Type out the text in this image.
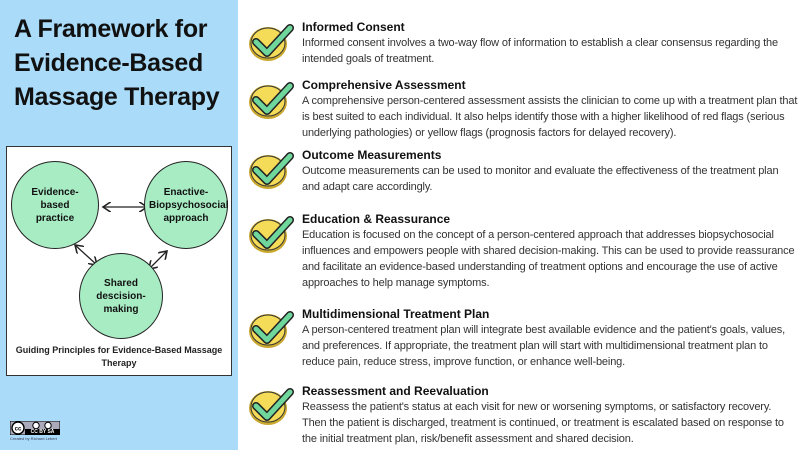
A Framework for
Evidence-Based
Massage Therapy
Evidence-based practice
Enactive-Biopsychosocial approach
Shared descision-making
Guiding Principles for Evidence-Based Massage Therapy
cc	CC BY SA
Created by Richard Lebert
Informed Consent

Informed consent involves a two-way flow of information to establish a clear consensus regarding the intended goals of treatment.

Comprehensive Assessment

A comprehensive person-centered assessment assists the clinician to come up with a treatment plan that is best suited to each individual. It also helps identify those with a higher likelihood of red flags (serious underlying pathologies) or yellow flags (prognosis factors for delayed recovery).

Outcome Measurements

Outcome measurements can be used to monitor and evaluate the effectiveness of the treatment plan and adapt care accordingly.

Education & Reassurance

Education is focused on the concept of a person-centered approach that addresses biopsychosocial influences and empowers people with shared decision-making. This can be used to provide reassurance and facilitate an evidence-based understanding of treatment options and encourage the use of active approaches to help manage symptoms.

Multidimensional Treatment Plan

A person-centered treatment plan will integrate best available evidence and the patient's goals, values, and preferences. If appropriate, the treatment plan will start with multidimensional treatment plan to reduce pain, reduce stress, improve function, or enhance well-being.

Reassessment and Reevaluation

Reassess the patient's status at each visit for new or worsening symptoms, or satisfactory recovery. Then the patient is discharged, treatment is continued, or treatment is escalated based on response to the initial treatment plan, risk/benefit assessment and shared decision.
